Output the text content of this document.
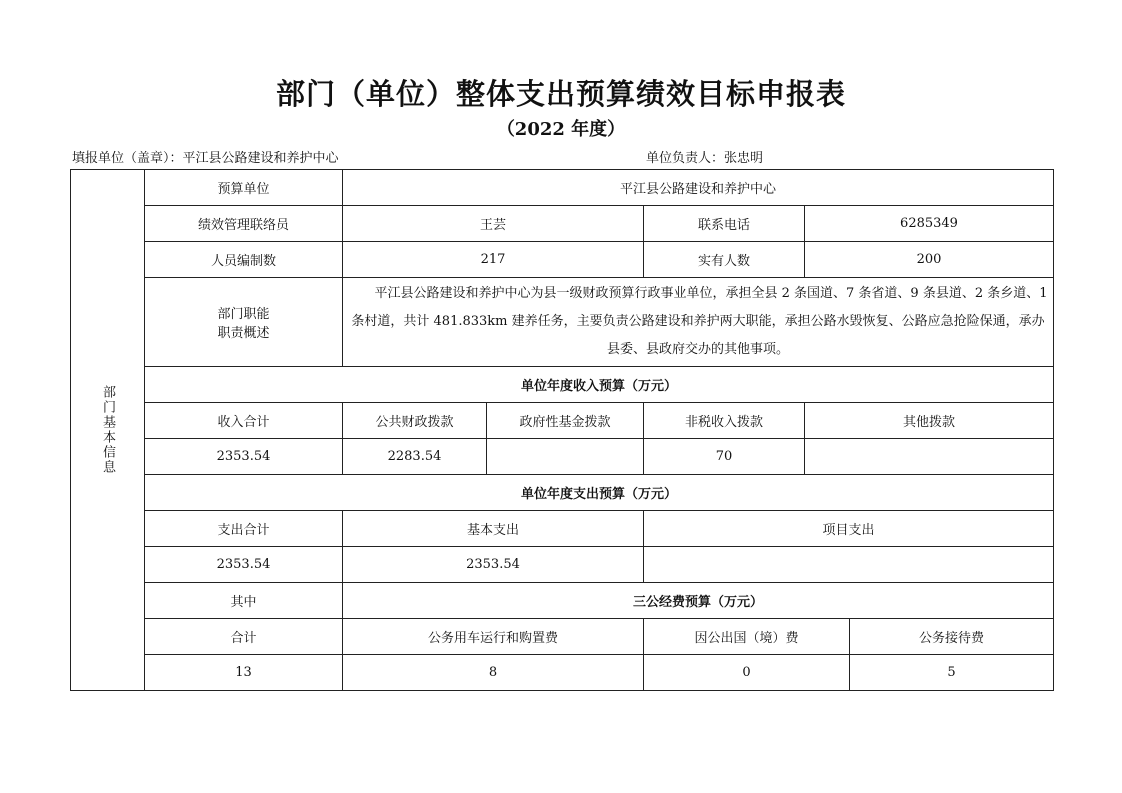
部门（单位）整体支出预算绩效目标申报表
（2022 年度）
填报单位（盖章）：平江县公路建设和养护中心	单位负责人：张忠明
部门基本信息	预算单位	平江县公路建设和养护中心				
	绩效管理联络员	王芸		联系电话	6285349	
	人员编制数	217		实有人数	200	
	部门职能
职责概述	平江县公路建设和养护中心为县一级财政预算行政事业单位，承担全县 2 条国道、7 条省道、9 条县道、2 条乡道、1 条村道，共计 481.833km 建养任务，主要负责公路建设和养护两大职能，承担公路水毁恢复、公路应急抢险保通，承办县委、县政府交办的其他事项。				
	单位年度收入预算（万元）					
	收入合计	公共财政拨款	政府性基金拨款	非税收入拨款	其他拨款	
	2353.54	2283.54		70		
	单位年度支出预算（万元）					
	支出合计	基本支出		项目支出		
	2353.54	2353.54				
	其中	三公经费预算（万元）				
	合计	公务用车运行和购置费		因公出国（境）费		公务接待费
	13	8		0		5
